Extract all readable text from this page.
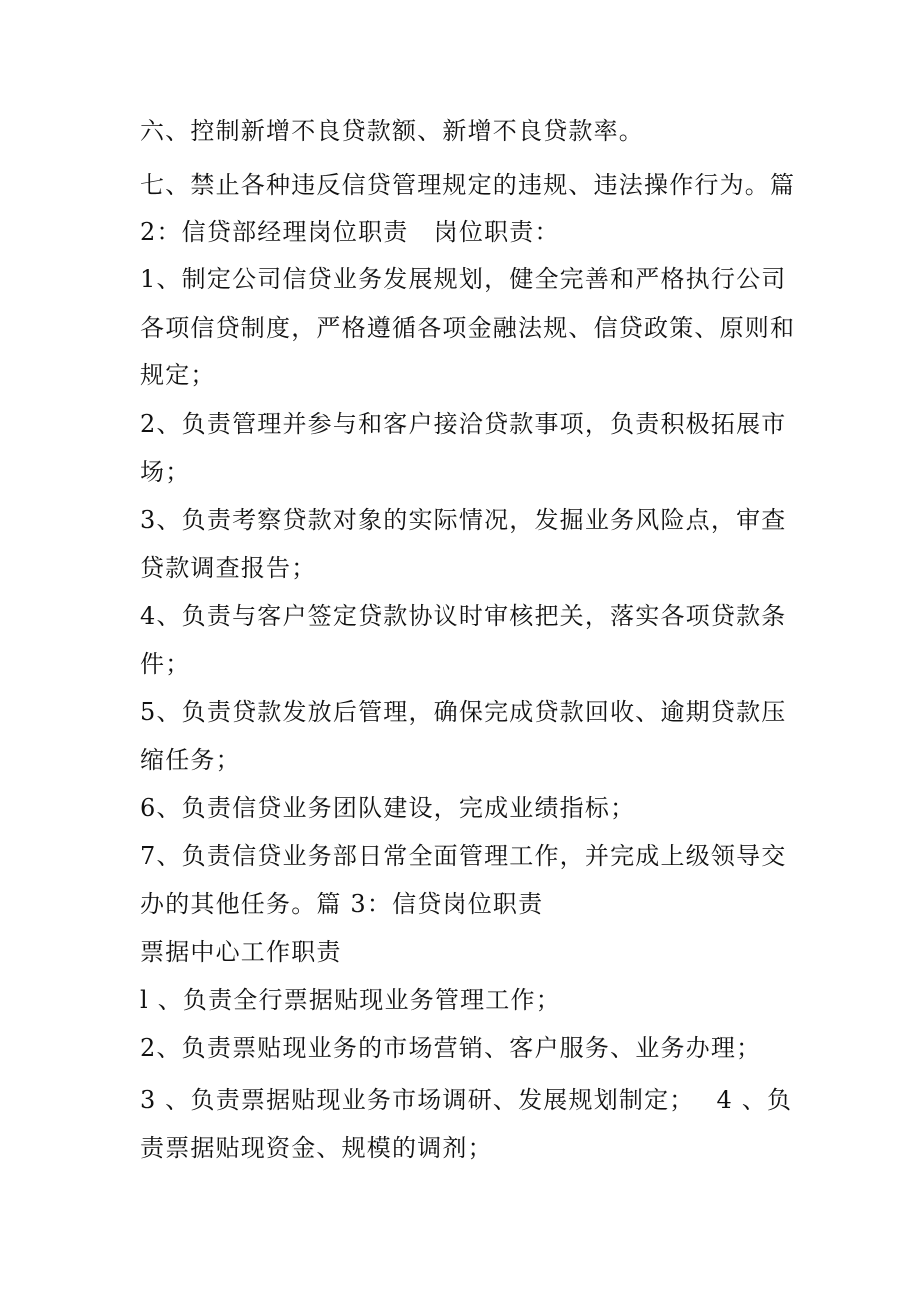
六、控制新增不良贷款额、新增不良贷款率。
七、禁止各种违反信贷管理规定的违规、违法操作行为。篇
2：信贷部经理岗位职责　岗位职责：
1、制定公司信贷业务发展规划，健全完善和严格执行公司
各项信贷制度，严格遵循各项金融法规、信贷政策、原则和
规定；
2、负责管理并参与和客户接洽贷款事项，负责积极拓展市
场；
3、负责考察贷款对象的实际情况，发掘业务风险点，审查
贷款调查报告；
4、负责与客户签定贷款协议时审核把关，落实各项贷款条
件；
5、负责贷款发放后管理，确保完成贷款回收、逾期贷款压
缩任务；
6、负责信贷业务团队建设，完成业绩指标；
7、负责信贷业务部日常全面管理工作，并完成上级领导交
办的其他任务。篇 3：信贷岗位职责
票据中心工作职责
l 、负责全行票据贴现业务管理工作；
2、负责票贴现业务的市场营销、客户服务、业务办理；
3 、负责票据贴现业务市场调研、发展规划制定；　 4 、负
责票据贴现资金、规模的调剂；
